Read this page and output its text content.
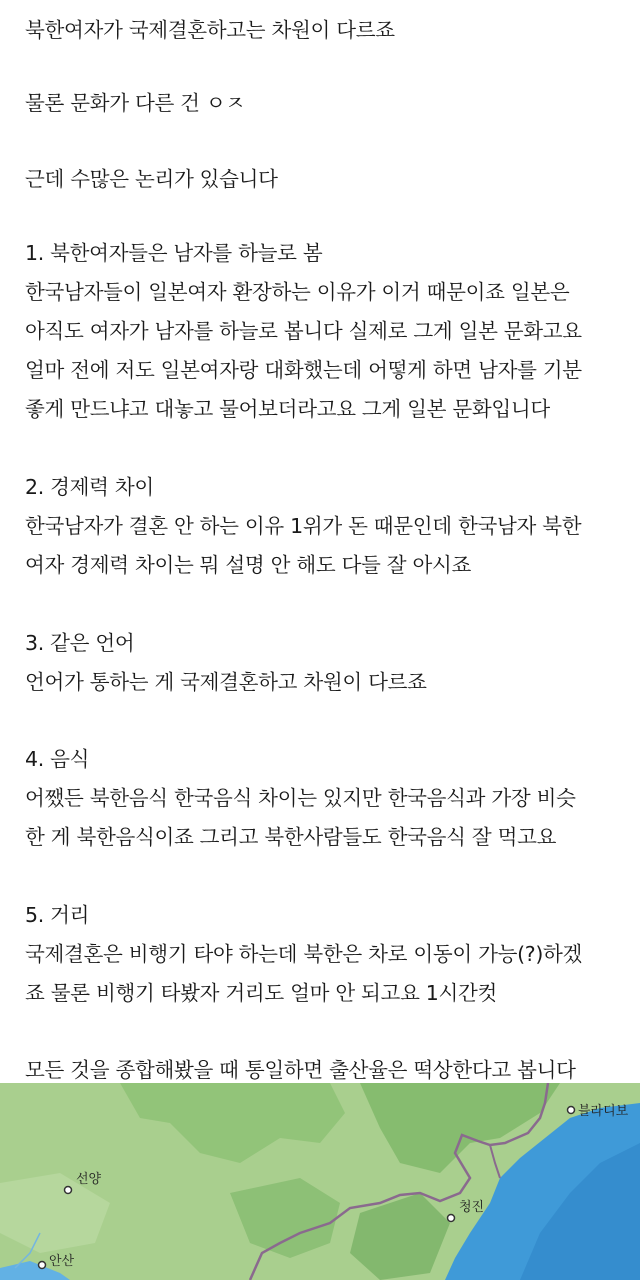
북한여자가 국제결혼하고는 차원이 다르죠
물론 문화가 다른 건 ㅇㅈ
근데 수많은 논리가 있습니다
1. 북한여자들은 남자를 하늘로 봄
한국남자들이 일본여자 환장하는 이유가 이거 때문이죠 일본은
아직도 여자가 남자를 하늘로 봅니다 실제로 그게 일본 문화고요
얼마 전에 저도 일본여자랑 대화했는데 어떻게 하면 남자를 기분
좋게 만드냐고 대놓고 물어보더라고요 그게 일본 문화입니다
2. 경제력 차이
한국남자가 결혼 안 하는 이유 1위가 돈 때문인데 한국남자 북한
여자 경제력 차이는 뭐 설명 안 해도 다들 잘 아시죠
3. 같은 언어
언어가 통하는 게 국제결혼하고 차원이 다르죠
4. 음식
어쨌든 북한음식 한국음식 차이는 있지만 한국음식과 가장 비슷
한 게 북한음식이죠 그리고 북한사람들도 한국음식 잘 먹고요
5. 거리
국제결혼은 비행기 타야 하는데 북한은 차로 이동이 가능(?)하겠
죠 물론 비행기 타봤자 거리도 얼마 안 되고요 1시간컷
모든 것을 종합해봤을 때 통일하면 출산율은 떡상한다고 봅니다
블라디보
선양
청진
안산
